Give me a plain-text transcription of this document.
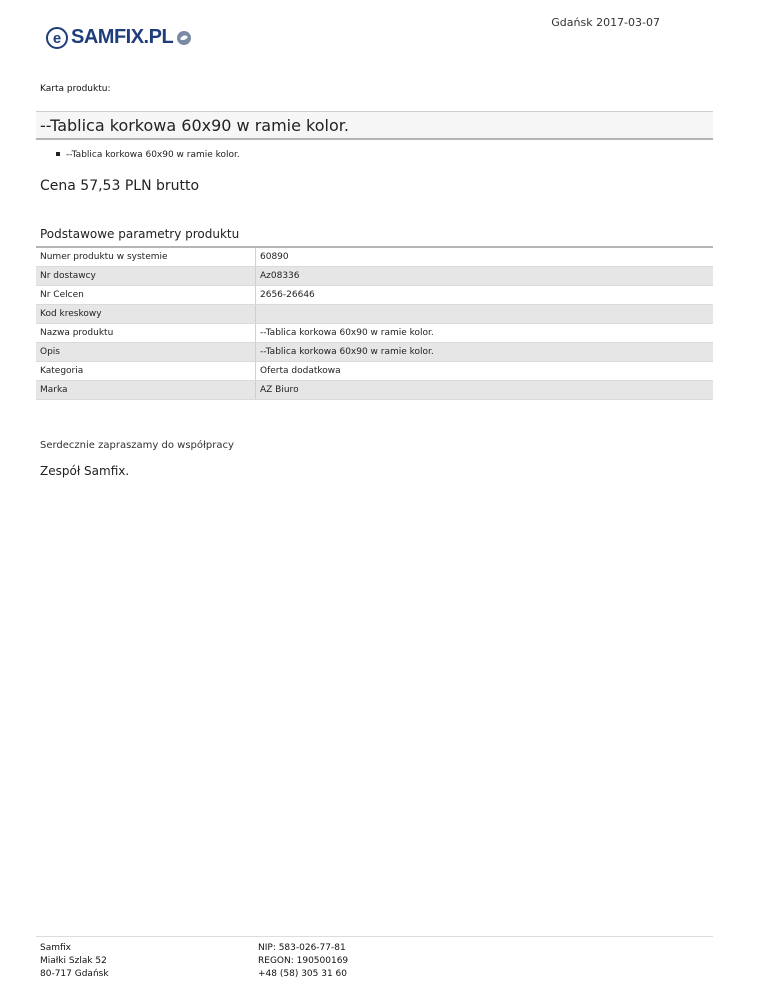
Gdańsk 2017-03-07
e SAMFIX.PL
Karta produktu:
--Tablica korkowa 60x90 w ramie kolor.
--Tablica korkowa 60x90 w ramie kolor.
Cena 57,53 PLN brutto
Podstawowe parametry produktu
Numer produktu w systemie	60890
Nr dostawcy	Az08336
Nr Celcen	2656-26646
Kod kreskowy	
Nazwa produktu	--Tablica korkowa 60x90 w ramie kolor.
Opis	--Tablica korkowa 60x90 w ramie kolor.
Kategoria	Oferta dodatkowa
Marka	AZ Biuro
Serdecznie zapraszamy do współpracy
Zespół Samfix.
Samfix
Miałki Szlak 52
80-717 Gdańsk
NIP: 583-026-77-81
REGON: 190500169
+48 (58) 305 31 60
